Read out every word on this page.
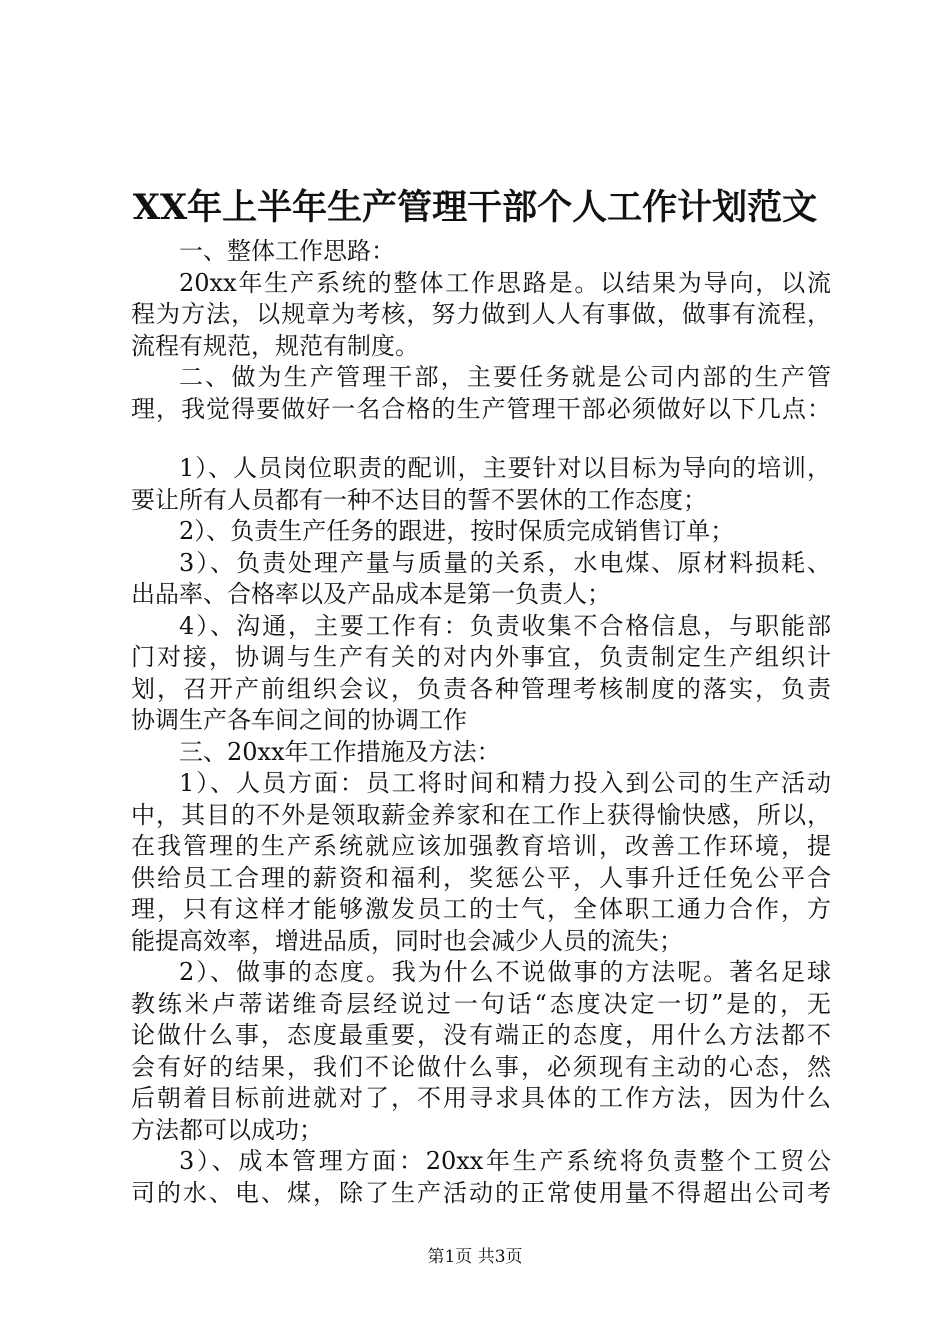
XX年上半年生产管理干部个人工作计划范文
一、整体工作思路：
20xx年生产系统的整体工作思路是。以结果为导向，以流
程为方法，以规章为考核，努力做到人人有事做，做事有流程，
流程有规范，规范有制度。
二、做为生产管理干部，主要任务就是公司内部的生产管
理，我觉得要做好一名合格的生产管理干部必须做好以下几点：
1）、人员岗位职责的配训，主要针对以目标为导向的培训，
要让所有人员都有一种不达目的誓不罢休的工作态度；
2）、负责生产任务的跟进，按时保质完成销售订单；
3）、负责处理产量与质量的关系，水电煤、原材料损耗、
出品率、合格率以及产品成本是第一负责人；
4）、沟通，主要工作有：负责收集不合格信息，与职能部
门对接，协调与生产有关的对内外事宜，负责制定生产组织计
划，召开产前组织会议，负责各种管理考核制度的落实，负责
协调生产各车间之间的协调工作
三、20xx年工作措施及方法：
1）、人员方面：员工将时间和精力投入到公司的生产活动
中，其目的不外是领取薪金养家和在工作上获得愉快感，所以，
在我管理的生产系统就应该加强教育培训，改善工作环境，提
供给员工合理的薪资和福利，奖惩公平，人事升迁任免公平合
理，只有这样才能够激发员工的士气，全体职工通力合作，方
能提高效率，增进品质，同时也会减少人员的流失；
2）、做事的态度。我为什么不说做事的方法呢。著名足球
教练米卢蒂诺维奇层经说过一句话“态度决定一切”是的，无
论做什么事，态度最重要，没有端正的态度，用什么方法都不
会有好的结果，我们不论做什么事，必须现有主动的心态，然
后朝着目标前进就对了，不用寻求具体的工作方法，因为什么
方法都可以成功；
3）、成本管理方面：20xx年生产系统将负责整个工贸公
司的水、电、煤，除了生产活动的正常使用量不得超出公司考
第1页 共3页
